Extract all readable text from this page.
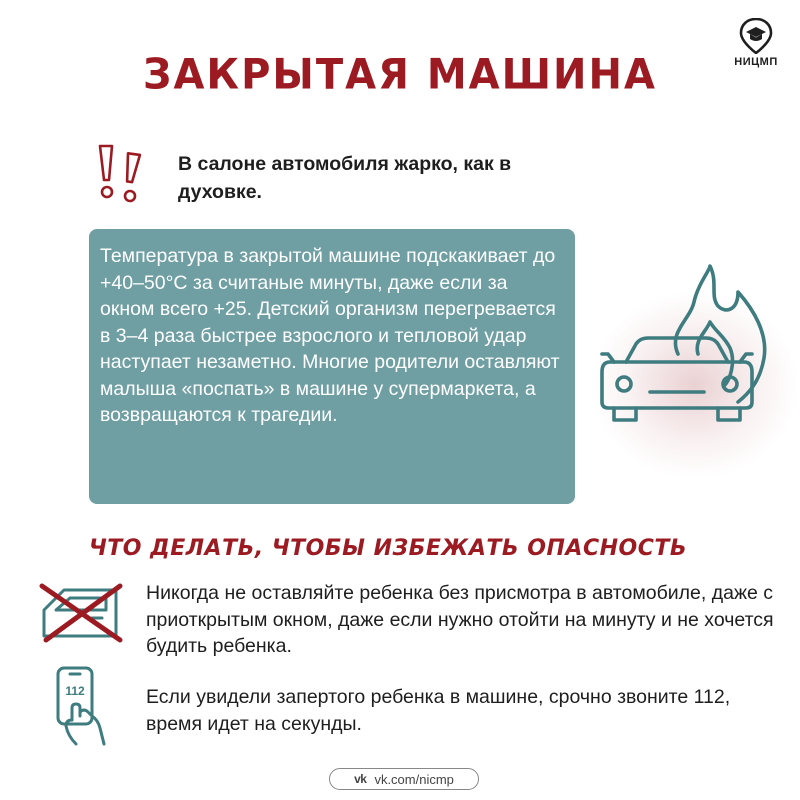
ЗАКРЫТАЯ МАШИНА	НИЦМП
В салоне автомобиля жарко, как в духовке.

Температура в закрытой машине подскакивает до +40–50°С за считаные минуты, даже если за окном всего +25. Детский организм перегревается в 3–4 раза быстрее взрослого и тепловой удар наступает незаметно. Многие родители оставляют малыша «поспать» в машине у супермаркета, а возвращаются к трагедии.

ЧТО ДЕЛАТЬ, ЧТОБЫ ИЗБЕЖАТЬ ОПАСНОСТЬ
Никогда не оставляйте ребенка без присмотра в автомобиле, даже с приоткрытым окном, даже если нужно отойти на минуту и не хочется будить ребенка.
112	Если увидели запертого ребенка в машине, срочно звоните 112, время идет на секунды.
vk vk.com/nicmp
